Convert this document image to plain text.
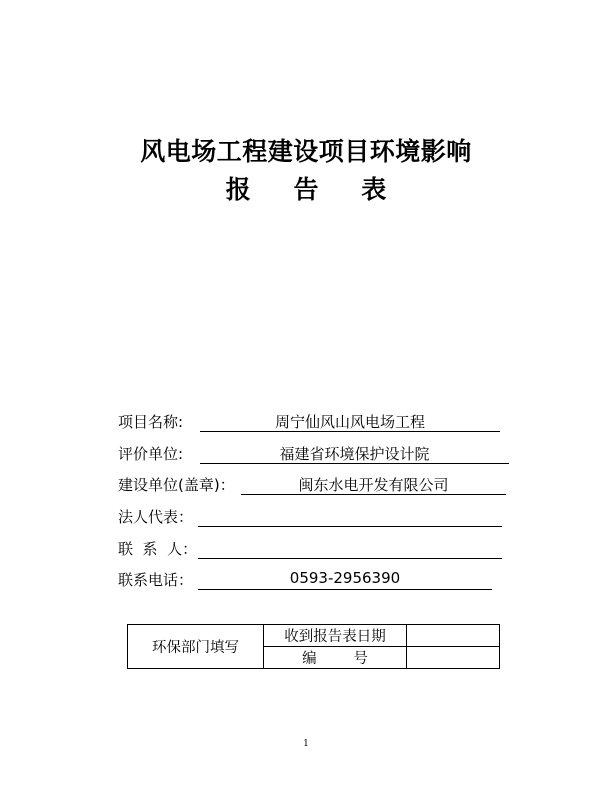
风电场工程建设项目环境影响
报 告 表
项目名称:	周宁仙风山风电场工程
评价单位:	福建省环境保护设计院
建设单位(盖章)：	闽东水电开发有限公司
法人代表：
联  系  人：
联系电话：	0593-2956390
环保部门填写	收到报告表日期	
	编        号	
1
